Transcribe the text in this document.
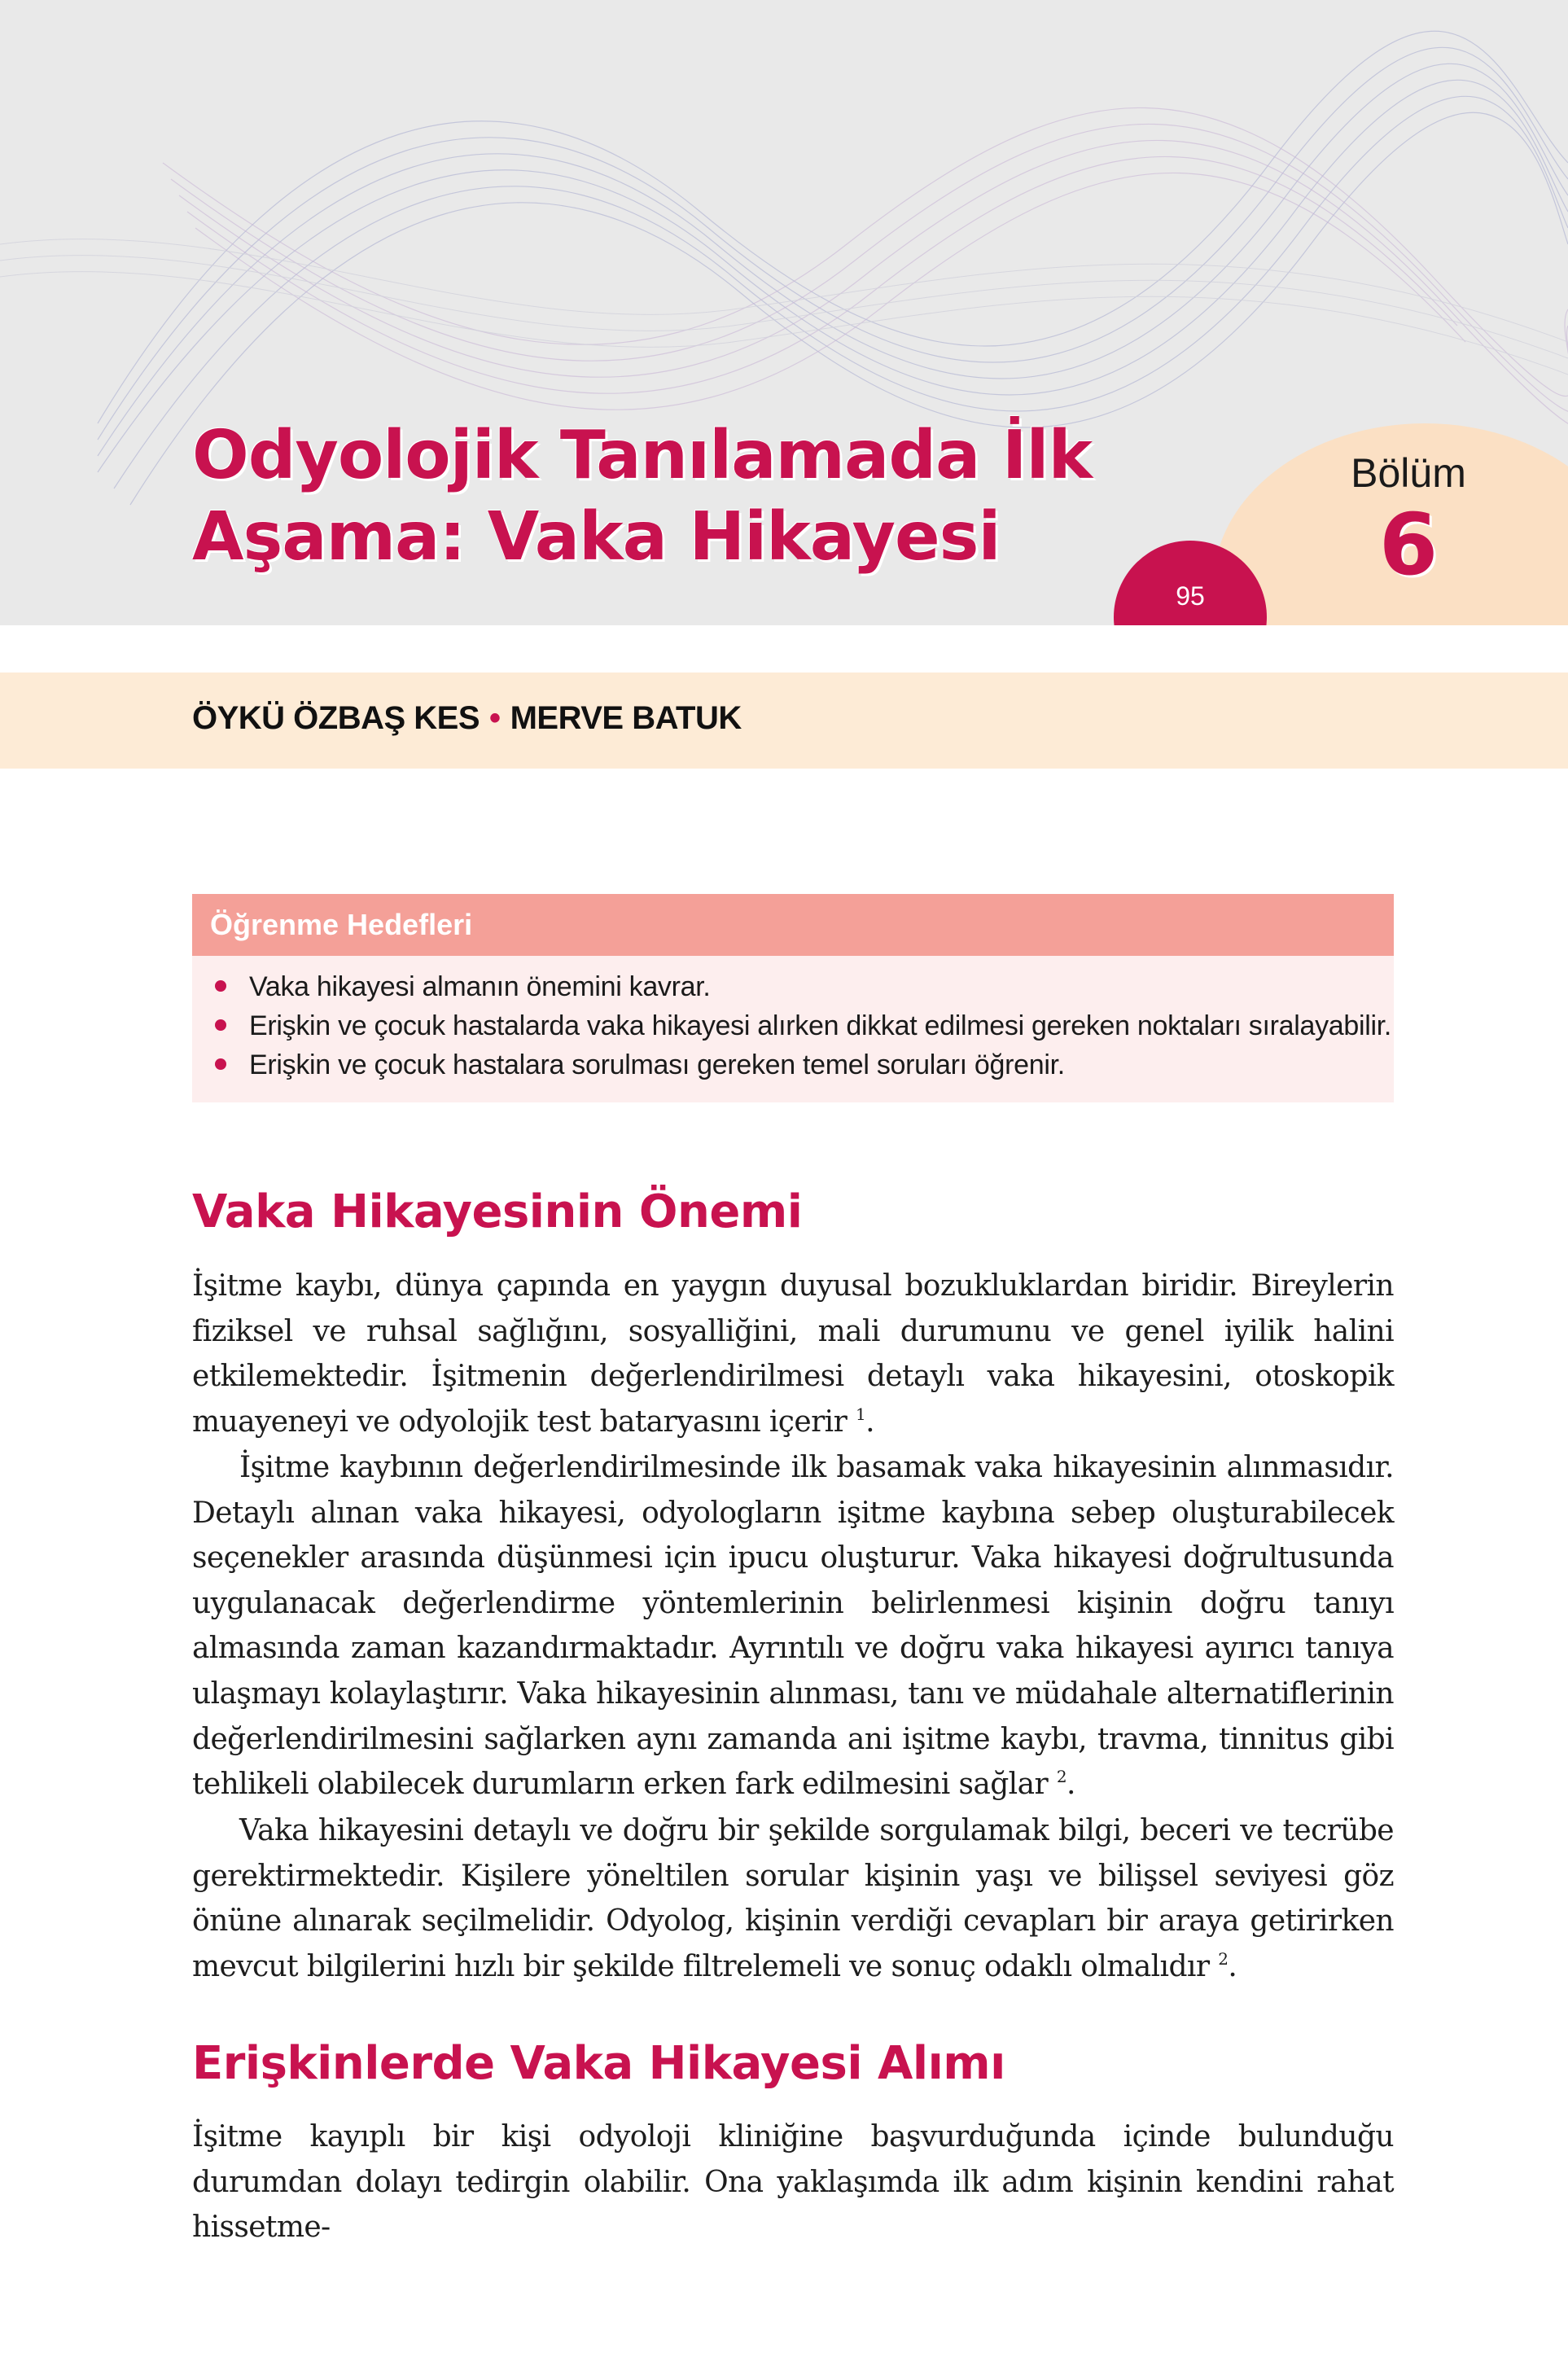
Bölüm
6
95
Odyolojik Tanılamada İlk
Aşama: Vaka Hikayesi

ÖYKÜ ÖZBAŞ KES • MERVE BATUK

Öğrenme Hedefleri
Vaka hikayesi almanın önemini kavrar.
Erişkin ve çocuk hastalarda vaka hikayesi alırken dikkat edilmesi gereken noktaları sıralayabilir.
Erişkin ve çocuk hastalara sorulması gereken temel soruları öğrenir.
Vaka Hikayesinin Önemi

İşitme kaybı, dünya çapında en yaygın duyusal bozukluklardan biridir. Bireylerin fiziksel ve ruhsal sağlığını, sosyalliğini, mali durumunu ve genel iyilik halini etkilemektedir. İşitmenin değerlendirilmesi detaylı vaka hikayesini, otoskopik muayeneyi ve odyolojik test bataryasını içerir $^1$.

İşitme kaybının değerlendirilmesinde ilk basamak vaka hikayesinin alınmasıdır. Detaylı alınan vaka hikayesi, odyologların işitme kaybına sebep oluşturabilecek seçenekler arasında düşünmesi için ipucu oluşturur. Vaka hikayesi doğrultusunda uygulanacak değerlendirme yöntemlerinin belirlenmesi kişinin doğru tanıyı almasında zaman kazandırmaktadır. Ayrıntılı ve doğru vaka hikayesi ayırıcı tanıya ulaşmayı kolaylaştırır. Vaka hikayesinin alınması, tanı ve müdahale alternatiflerinin değerlendirilmesini sağlarken aynı zamanda ani işitme kaybı, travma, tinnitus gibi tehlikeli olabilecek durumların erken fark edilmesini sağlar $^2$.

Vaka hikayesini detaylı ve doğru bir şekilde sorgulamak bilgi, beceri ve tecrübe gerektirmektedir. Kişilere yöneltilen sorular kişinin yaşı ve bilişsel seviyesi göz önüne alınarak seçilmelidir. Odyolog, kişinin verdiği cevapları bir araya getirirken mevcut bilgilerini hızlı bir şekilde filtrelemeli ve sonuç odaklı olmalıdır $^2$.

Erişkinlerde Vaka Hikayesi Alımı

İşitme kayıplı bir kişi odyoloji kliniğine başvurduğunda içinde bulunduğu durumdan dolayı tedirgin olabilir. Ona yaklaşımda ilk adım kişinin kendini rahat hissetme-
